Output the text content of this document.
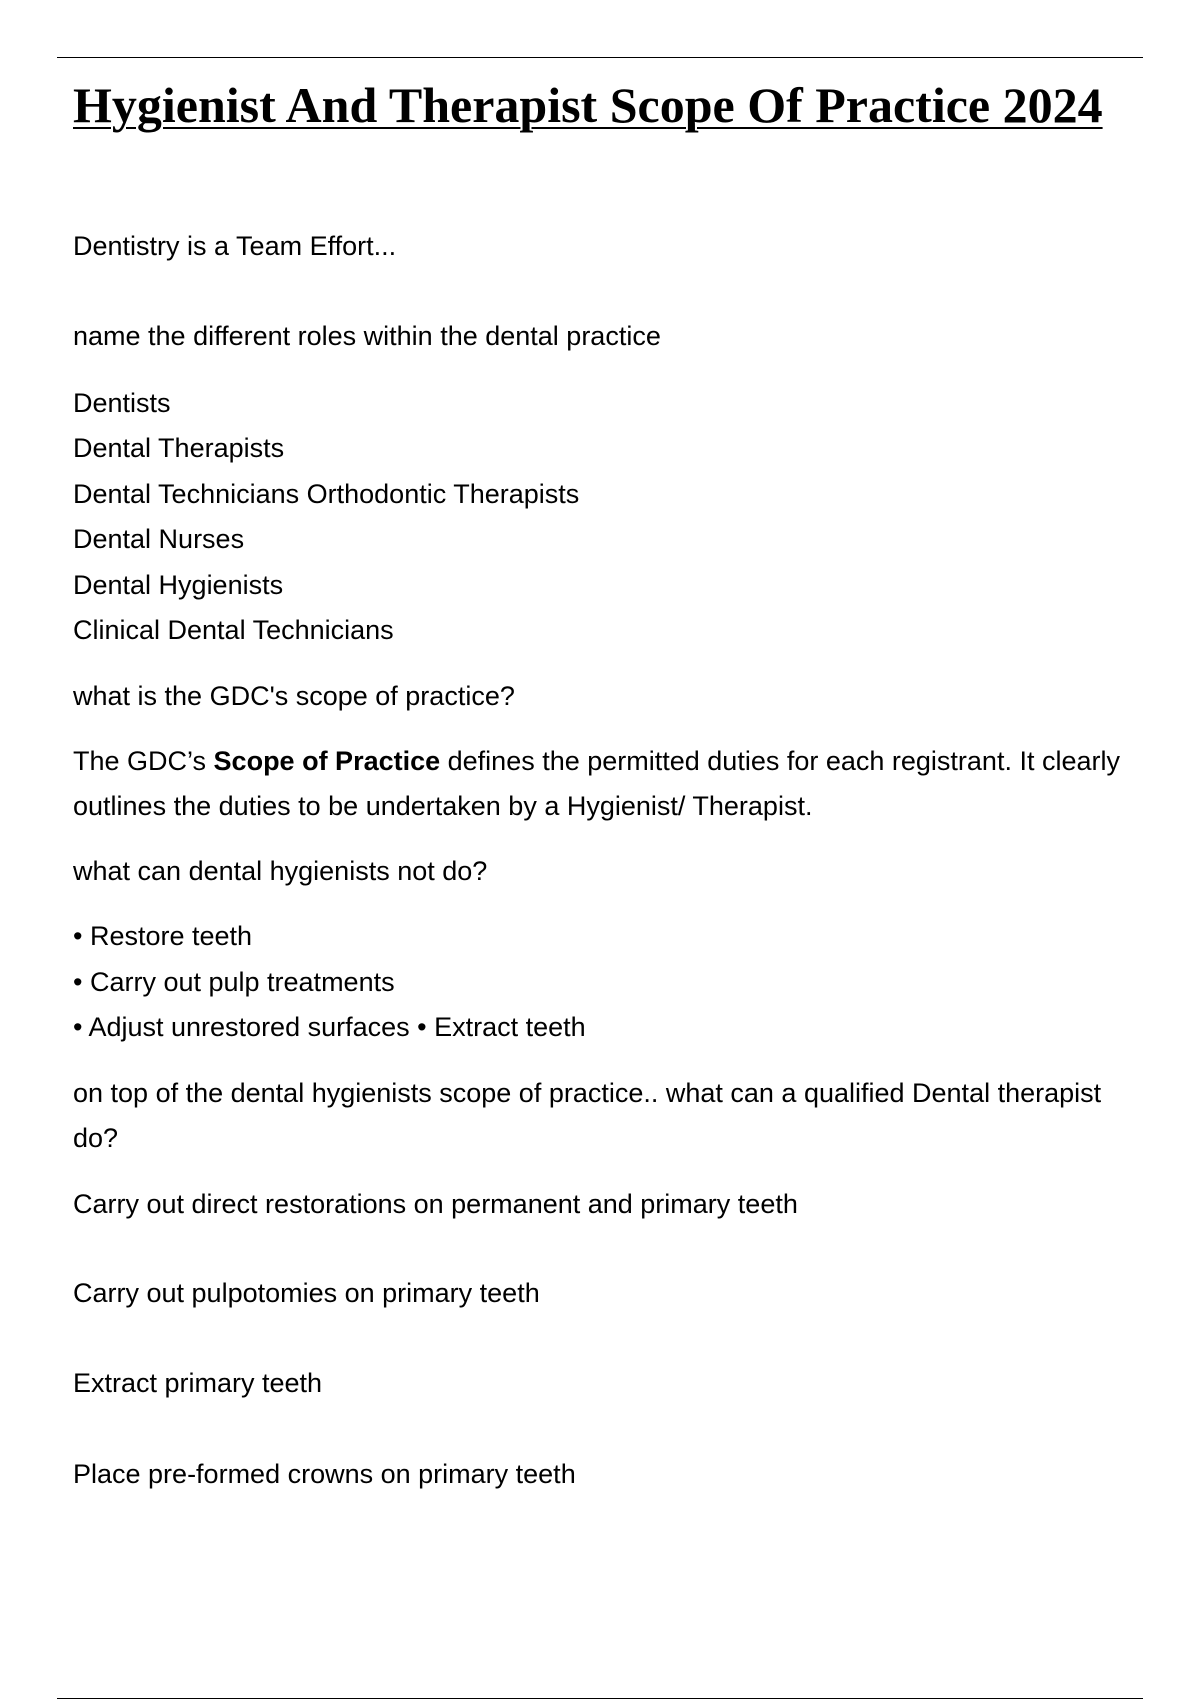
Hygienist And Therapist Scope Of Practice 2024

Dentistry is a Team Effort...

name the different roles within the dental practice

Dentists

Dental Therapists

Dental Technicians Orthodontic Therapists

Dental Nurses

Dental Hygienists

Clinical Dental Technicians

what is the GDC's scope of practice?

The GDC’s Scope of Practice defines the permitted duties for each registrant. It clearly outlines the duties to be undertaken by a Hygienist/ Therapist.

what can dental hygienists not do?

• Restore teeth

• Carry out pulp treatments

• Adjust unrestored surfaces • Extract teeth

on top of the dental hygienists scope of practice.. what can a qualified Dental therapist do?

Carry out direct restorations on permanent and primary teeth

Carry out pulpotomies on primary teeth

Extract primary teeth

Place pre-formed crowns on primary teeth
